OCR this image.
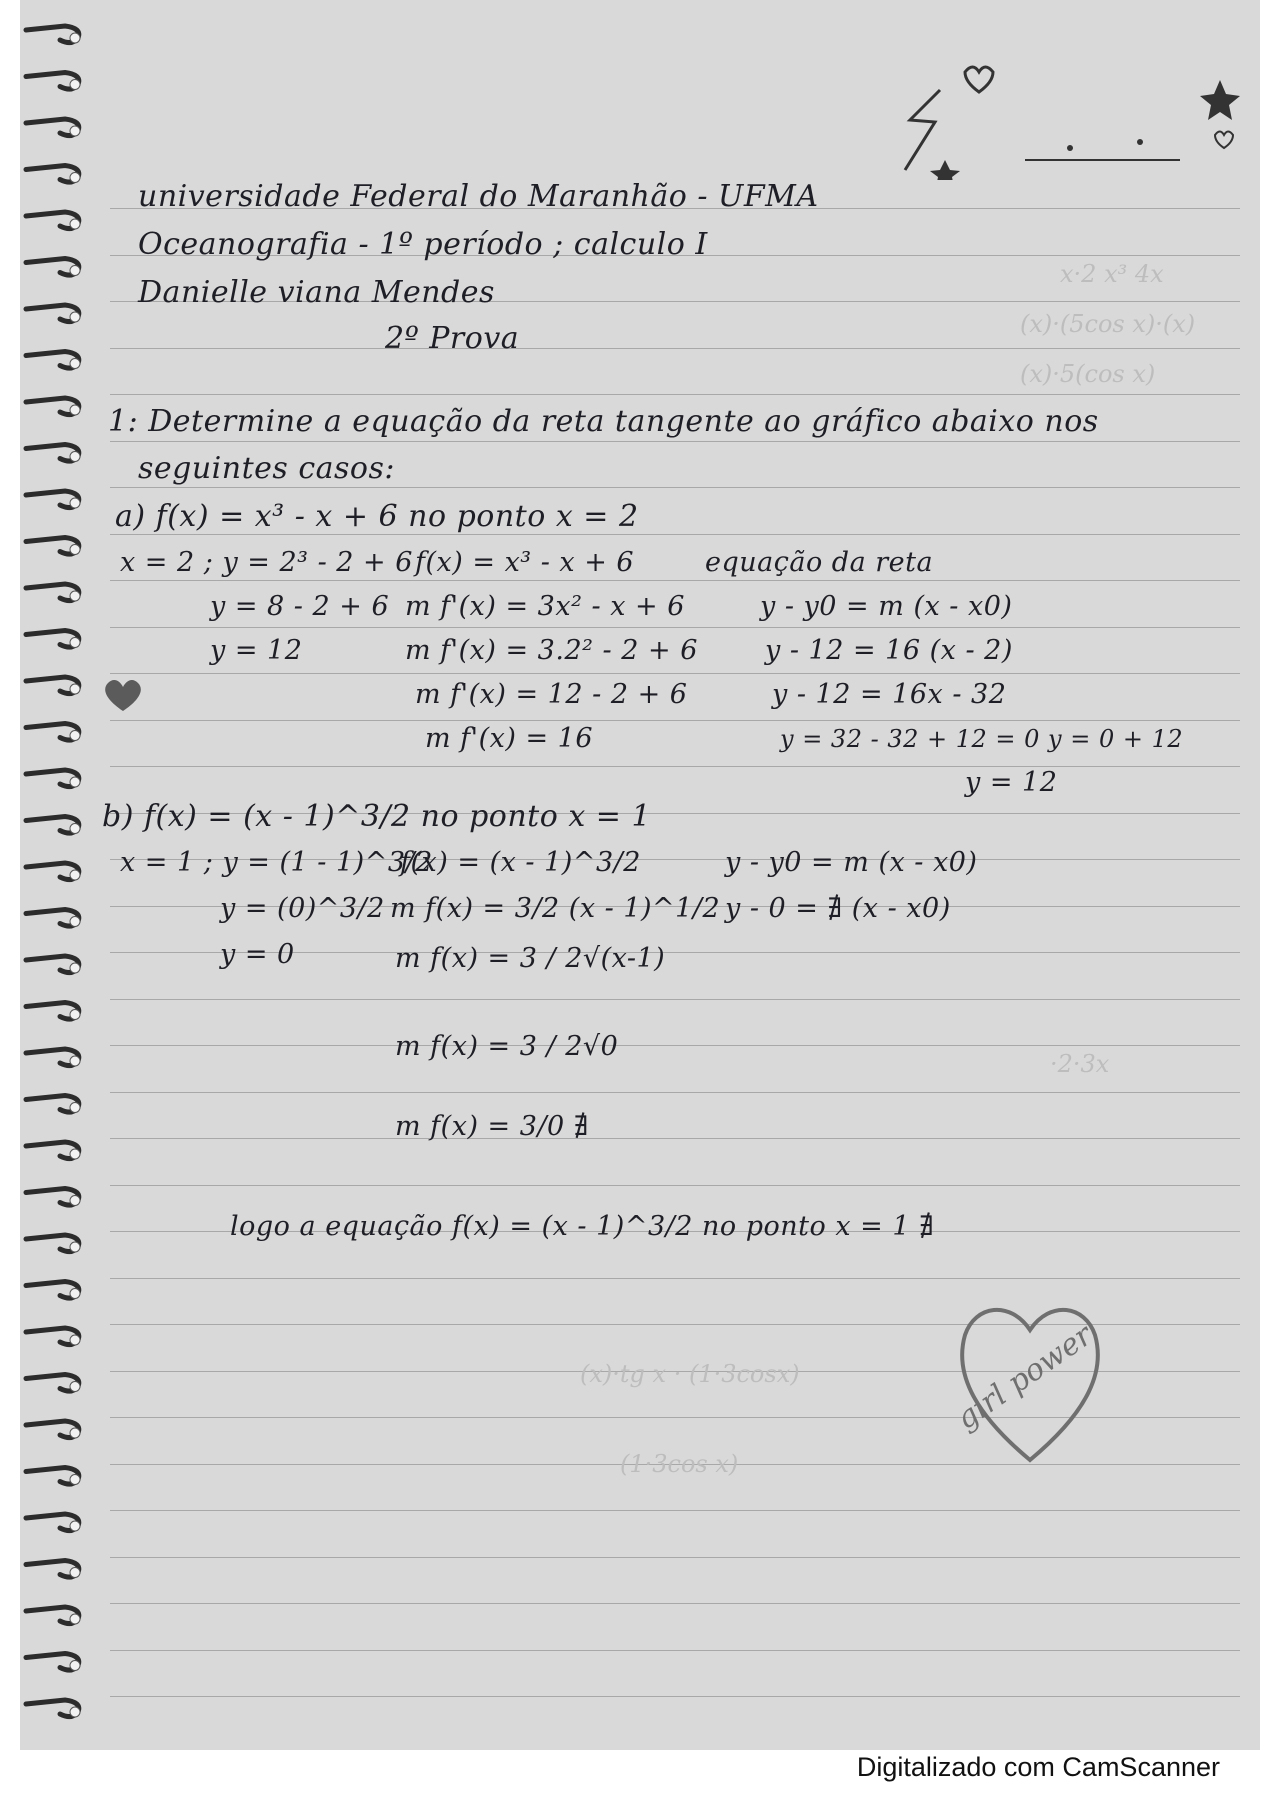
x·2 x³ 4x
(x)·(5cos x)·(x)
(x)·5(cos x)
·2·3x
(x)·tg x · (1·3cosx)
(1·3cos x)
universidade Federal do Maranhão - UFMA
Oceanografia - 1º período ; calculo I
Danielle viana Mendes
2º Prova
1: Determine a equação da reta tangente ao gráfico abaixo nos
seguintes casos:
a) f(x) = x³ - x + 6 no ponto x = 2
x = 2 ; y = 2³ - 2 + 6
y = 8 - 2 + 6
y = 12
f(x) = x³ - x + 6
m f'(x) = 3x² - x + 6
m f'(x) = 3.2² - 2 + 6
m f'(x) = 12 - 2 + 6
m f'(x) = 16
equação da reta
y - y0 = m (x - x0)
y - 12 = 16 (x - 2)
y - 12 = 16x - 32
y = 32 - 32 + 12 = 0 y = 0 + 12
y = 12
b) f(x) = (x - 1)^3/2 no ponto x = 1
x = 1 ; y = (1 - 1)^3/2
y = (0)^3/2
y = 0
f(x) = (x - 1)^3/2
m f(x) = 3/2 (x - 1)^1/2
m f(x) = 3 / 2√(x-1)
m f(x) = 3 / 2√0
m f(x) = 3/0 ∄
y - y0 = m (x - x0)
y - 0 = ∄ (x - x0)
logo a equação f(x) = (x - 1)^3/2 no ponto x = 1 ∄
girl power
Digitalizado com CamScanner
